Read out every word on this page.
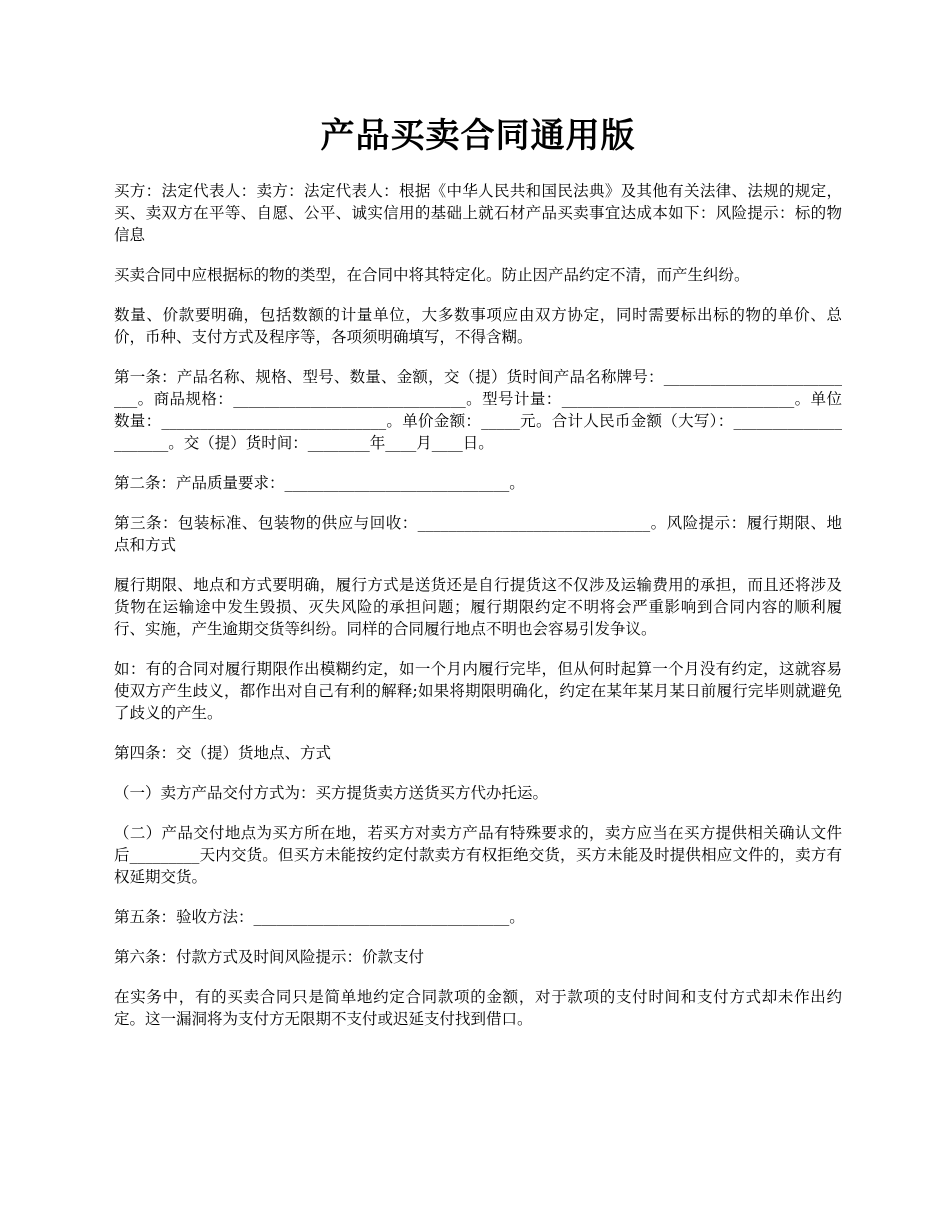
产品买卖合同通用版

买方：法定代表人：卖方：法定代表人：根据《中华人民共和国民法典》及其他有关法律、法规的规定，买、卖双方在平等、自愿、公平、诚实信用的基础上就石材产品买卖事宜达成本如下：风险提示：标的物信息

买卖合同中应根据标的物的类型，在合同中将其特定化。防止因产品约定不清，而产生纠纷。

数量、价款要明确，包括数额的计量单位，大多数事项应由双方协定，同时需要标出标的物的单价、总价，币种、支付方式及程序等，各项须明确填写，不得含糊。

第一条：产品名称、规格、型号、数量、金额，交（提）货时间产品名称牌号：__________________________。商品规格：______________________________。型号计量：______________________________。单位数量：_____________________________。单价金额：_____元。合计人民币金额（大写）：_____________________。交（提）货时间：________年____月____日。

第二条：产品质量要求：_____________________________。

第三条：包装标准、包装物的供应与回收：______________________________。风险提示：履行期限、地点和方式

履行期限、地点和方式要明确，履行方式是送货还是自行提货这不仅涉及运输费用的承担，而且还将涉及货物在运输途中发生毁损、灭失风险的承担问题；履行期限约定不明将会严重影响到合同内容的顺利履行、实施，产生逾期交货等纠纷。同样的合同履行地点不明也会容易引发争议。

如：有的合同对履行期限作出模糊约定，如一个月内履行完毕，但从何时起算一个月没有约定，这就容易使双方产生歧义，都作出对自己有利的解释;如果将期限明确化，约定在某年某月某日前履行完毕则就避免了歧义的产生。

第四条：交（提）货地点、方式

（一）卖方产品交付方式为：买方提货卖方送货买方代办托运。

（二）产品交付地点为买方所在地，若买方对卖方产品有特殊要求的，卖方应当在买方提供相关确认文件后_________天内交货。但买方未能按约定付款卖方有权拒绝交货，买方未能及时提供相应文件的，卖方有权延期交货。

第五条：验收方法：_________________________________。

第六条：付款方式及时间风险提示：价款支付

在实务中，有的买卖合同只是简单地约定合同款项的金额，对于款项的支付时间和支付方式却未作出约定。这一漏洞将为支付方无限期不支付或迟延支付找到借口。
